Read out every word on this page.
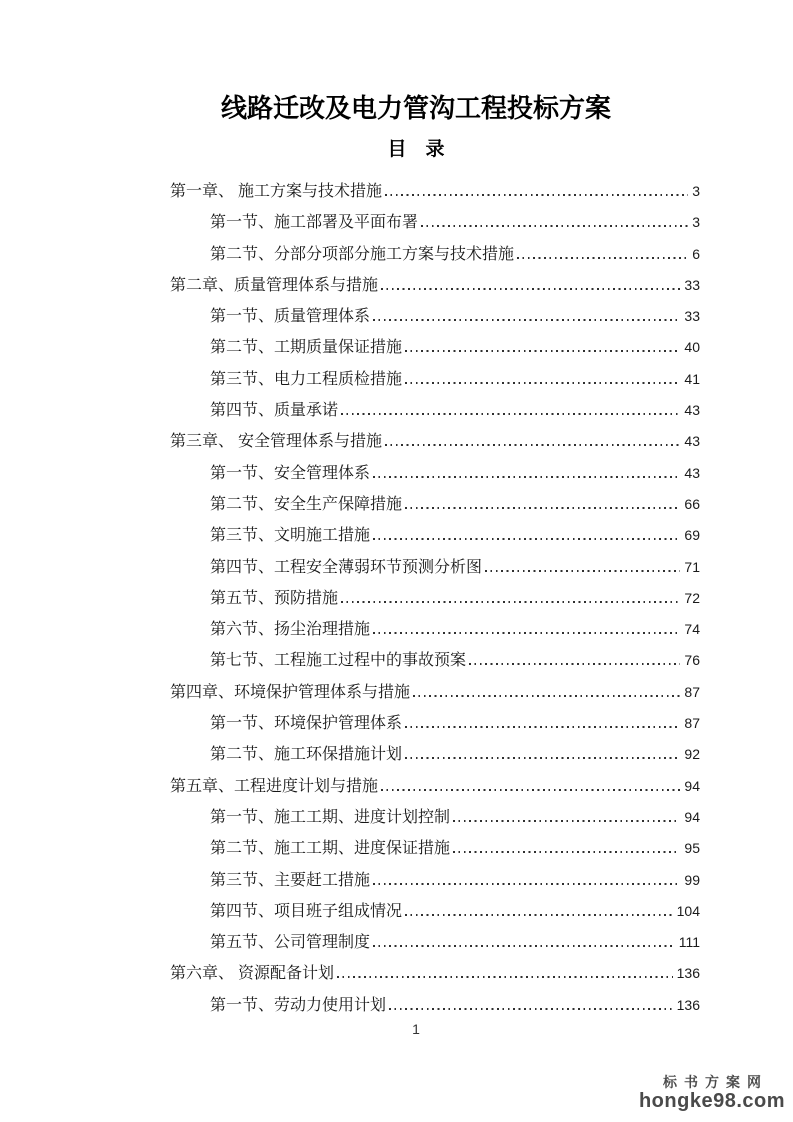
线路迁改及电力管沟工程投标方案
目　录
第一章、 施工方案与技术措施	3
第一节、施工部署及平面布署	3
第二节、分部分项部分施工方案与技术措施	6
第二章、质量管理体系与措施	33
第一节、质量管理体系	33
第二节、工期质量保证措施	40
第三节、电力工程质检措施	41
第四节、质量承诺	43
第三章、 安全管理体系与措施	43
第一节、安全管理体系	43
第二节、安全生产保障措施	66
第三节、文明施工措施	69
第四节、工程安全薄弱环节预测分析图	71
第五节、预防措施	72
第六节、扬尘治理措施	74
第七节、工程施工过程中的事故预案	76
第四章、环境保护管理体系与措施	87
第一节、环境保护管理体系	87
第二节、施工环保措施计划	92
第五章、工程进度计划与措施	94
第一节、施工工期、进度计划控制	94
第二节、施工工期、进度保证措施	95
第三节、主要赶工措施	99
第四节、项目班子组成情况	104
第五节、公司管理制度	111
第六章、 资源配备计划	136
第一节、劳动力使用计划	136
1
标书方案网
hongke98.com
